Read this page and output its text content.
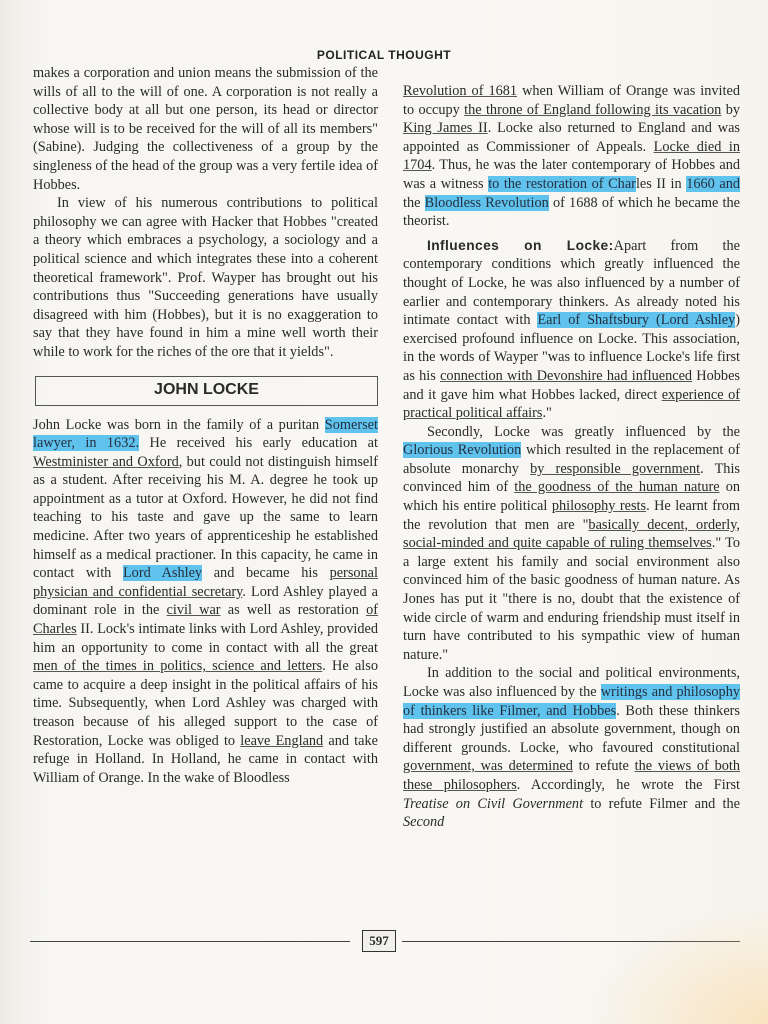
POLITICAL THOUGHT

makes a corporation and union means the submission of the wills of all to the will of one. A corporation is not really a collective body at all but one person, its head or director whose will is to be received for the will of all its members" (Sabine). Judging the collectiveness of a group by the singleness of the head of the group was a very fertile idea of Hobbes.

In view of his numerous contributions to political philosophy we can agree with Hacker that Hobbes "created a theory which embraces a psychology, a sociology and a political science and which integrates these into a coherent theoretical framework". Prof. Wayper has brought out his contributions thus "Succeeding generations have usually disagreed with him (Hobbes), but it is no exaggeration to say that they have found in him a mine well worth their while to work for the riches of the ore that it yields".

JOHN LOCKE

John Locke was born in the family of a puritan Somerset lawyer, in 1632. He received his early education at Westminister and Oxford, but could not distinguish himself as a student. After receiving his M. A. degree he took up appointment as a tutor at Oxford. However, he did not find teaching to his taste and gave up the same to learn medicine. After two years of apprenticeship he established himself as a medical practioner. In this capacity, he came in contact with Lord Ashley and became his personal physician and confidential secretary. Lord Ashley played a dominant role in the civil war as well as restoration of Charles II. Lock's intimate links with Lord Ashley, provided him an opportunity to come in contact with all the great men of the times in politics, science and letters. He also came to acquire a deep insight in the political affairs of his time. Subsequently, when Lord Ashley was charged with treason because of his alleged support to the case of Restoration, Locke was obliged to leave England and take refuge in Holland. In Holland, he came in contact with William of Orange. In the wake of Bloodless

Revolution of 1681 when William of Orange was invited to occupy the throne of England following its vacation by King James II. Locke also returned to England and was appointed as Commissioner of Appeals. Locke died in 1704. Thus, he was the later contemporary of Hobbes and was a witness to the restoration of Charles II in 1660 and the Bloodless Revolution of 1688 of which he became the theorist.

Influences on Locke:Apart from the contemporary conditions which greatly influenced the thought of Locke, he was also influenced by a number of earlier and contemporary thinkers. As already noted his intimate contact with Earl of Shaftsbury (Lord Ashley) exercised profound influence on Locke. This association, in the words of Wayper "was to influence Locke's life first as his connection with Devonshire had influenced Hobbes and it gave him what Hobbes lacked, direct experience of practical political affairs."

Secondly, Locke was greatly influenced by the Glorious Revolution which resulted in the replacement of absolute monarchy by responsible government. This convinced him of the goodness of the human nature on which his entire political philosophy rests. He learnt from the revolution that men are "basically decent, orderly, social-minded and quite capable of ruling themselves." To a large extent his family and social environment also convinced him of the basic goodness of human nature. As Jones has put it "there is no, doubt that the existence of wide circle of warm and enduring friendship must itself in turn have contributed to his sympathic view of human nature."

In addition to the social and political environments, Locke was also influenced by the writings and philosophy of thinkers like Filmer, and Hobbes. Both these thinkers had strongly justified an absolute government, though on different grounds. Locke, who favoured constitutional government, was determined to refute the views of both these philosophers. Accordingly, he wrote the First Treatise on Civil Government to refute Filmer and the Second

597
